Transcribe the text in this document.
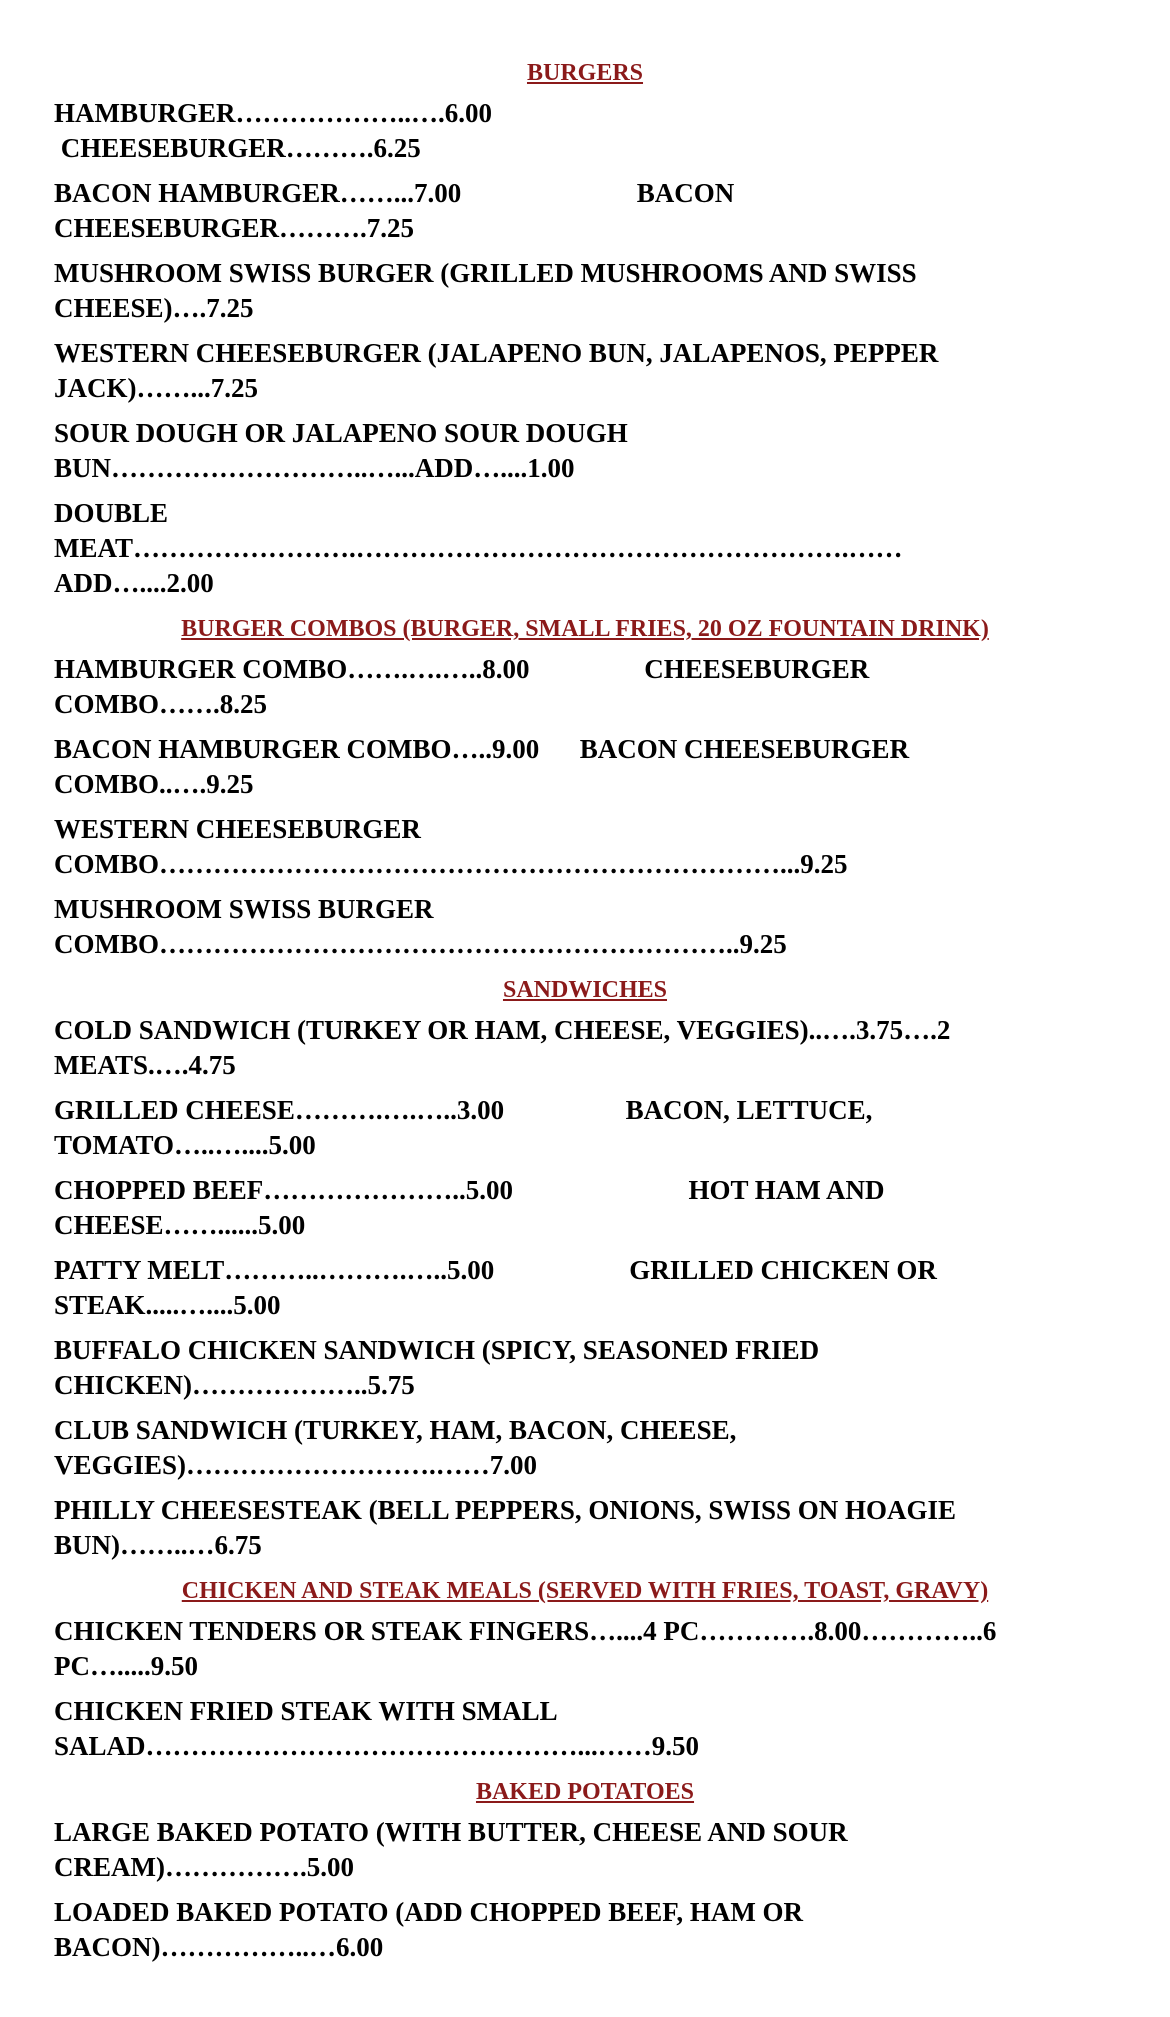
BURGERS
HAMBURGER………………..….6.00
CHEESEBURGER……….6.25
BACON HAMBURGER……...7.00                          BACON
CHEESEBURGER……….7.25
MUSHROOM SWISS BURGER (GRILLED MUSHROOMS AND SWISS
CHEESE)….7.25
WESTERN CHEESEBURGER (JALAPENO BUN, JALAPENOS, PEPPER
JACK)……...7.25
SOUR DOUGH OR JALAPENO SOUR DOUGH
BUN………………………..…...ADD…....1.00
DOUBLE
MEAT…………………….……………………………………………….……
ADD…....2.00
BURGER COMBOS (BURGER, SMALL FRIES, 20 OZ FOUNTAIN DRINK)
HAMBURGER COMBO…….….…..8.00                 CHEESEBURGER
COMBO…….8.25
BACON HAMBURGER COMBO…..9.00      BACON CHEESEBURGER
COMBO..….9.25
WESTERN CHEESEBURGER
COMBO……………………………………………………………...9.25
MUSHROOM SWISS BURGER
COMBO………………………………………………………..9.25
SANDWICHES
COLD SANDWICH (TURKEY OR HAM, CHEESE, VEGGIES)..….3.75….2
MEATS.….4.75
GRILLED CHEESE……….….…..3.00                  BACON, LETTUCE,
TOMATO…..…....5.00
CHOPPED BEEF…………………..5.00                          HOT HAM AND
CHEESE……......5.00
PATTY MELT………..……….…..5.00                    GRILLED CHICKEN OR
STEAK.....…....5.00
BUFFALO CHICKEN SANDWICH (SPICY, SEASONED FRIED
CHICKEN)………………..5.75
CLUB SANDWICH (TURKEY, HAM, BACON, CHEESE,
VEGGIES)……………………….……7.00
PHILLY CHEESESTEAK (BELL PEPPERS, ONIONS, SWISS ON HOAGIE
BUN)……..…6.75
CHICKEN AND STEAK MEALS (SERVED WITH FRIES, TOAST, GRAVY)
CHICKEN TENDERS OR STEAK FINGERS…....4 PC………….8.00…………..6
PC….....9.50
CHICKEN FRIED STEAK WITH SMALL
SALAD…………………………………………...……9.50
BAKED POTATOES
LARGE BAKED POTATO (WITH BUTTER, CHEESE AND SOUR
CREAM)…………….5.00
LOADED BAKED POTATO (ADD CHOPPED BEEF, HAM OR
BACON)……………..…6.00
